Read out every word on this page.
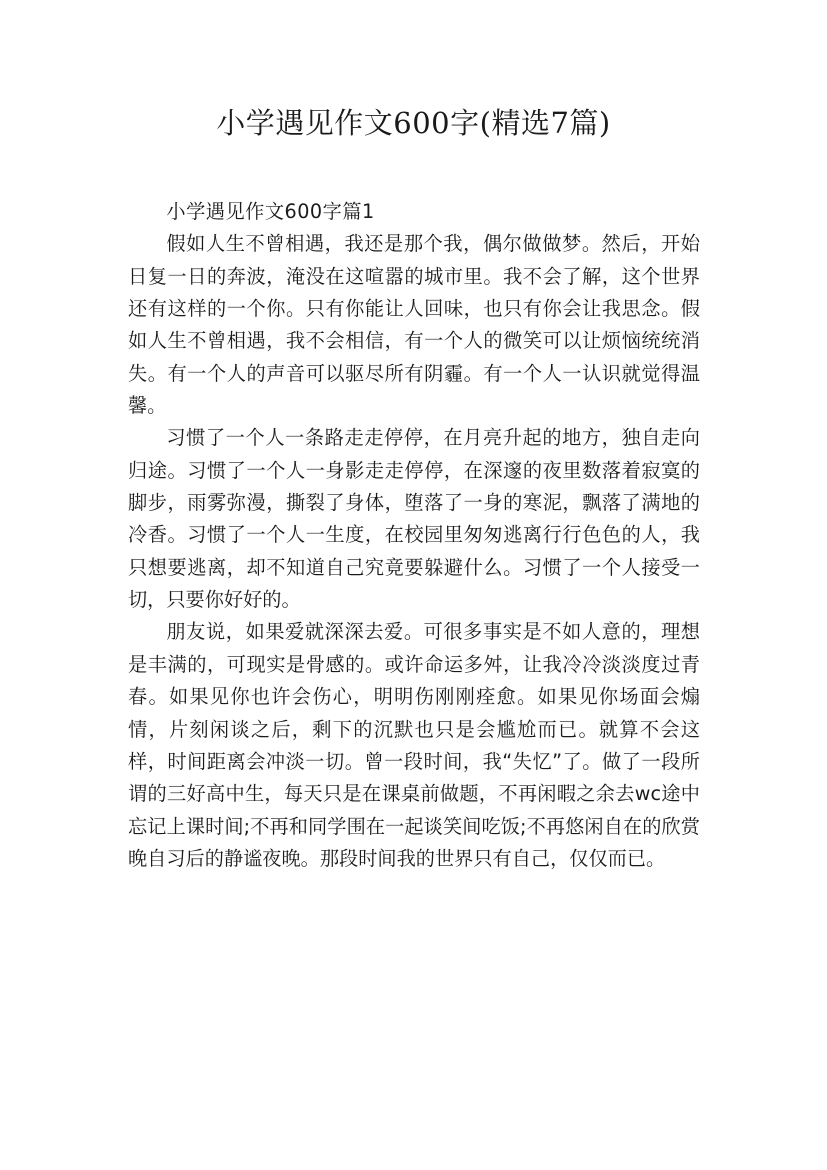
小学遇见作文600字(精选7篇)

小学遇见作文600字篇1

假如人生不曾相遇，我还是那个我，偶尔做做梦。然后，开始日复一日的奔波，淹没在这喧嚣的城市里。我不会了解，这个世界还有这样的一个你。只有你能让人回味，也只有你会让我思念。假如人生不曾相遇，我不会相信，有一个人的微笑可以让烦恼统统消失。有一个人的声音可以驱尽所有阴霾。有一个人一认识就觉得温馨。

习惯了一个人一条路走走停停，在月亮升起的地方，独自走向归途。习惯了一个人一身影走走停停，在深邃的夜里数落着寂寞的脚步，雨雾弥漫，撕裂了身体，堕落了一身的寒泥，飘落了满地的冷香。习惯了一个人一生度，在校园里匆匆逃离行行色色的人，我只想要逃离，却不知道自己究竟要躲避什么。习惯了一个人接受一切，只要你好好的。

朋友说，如果爱就深深去爱。可很多事实是不如人意的，理想是丰满的，可现实是骨感的。或许命运多舛，让我冷冷淡淡度过青春。如果见你也许会伤心，明明伤刚刚痊愈。如果见你场面会煽情，片刻闲谈之后，剩下的沉默也只是会尴尬而已。就算不会这样，时间距离会冲淡一切。曾一段时间，我“失忆”了。做了一段所谓的三好高中生，每天只是在课桌前做题，不再闲暇之余去wc途中忘记上课时间;不再和同学围在一起谈笑间吃饭;不再悠闲自在的欣赏晚自习后的静谧夜晚。那段时间我的世界只有自己，仅仅而已。
